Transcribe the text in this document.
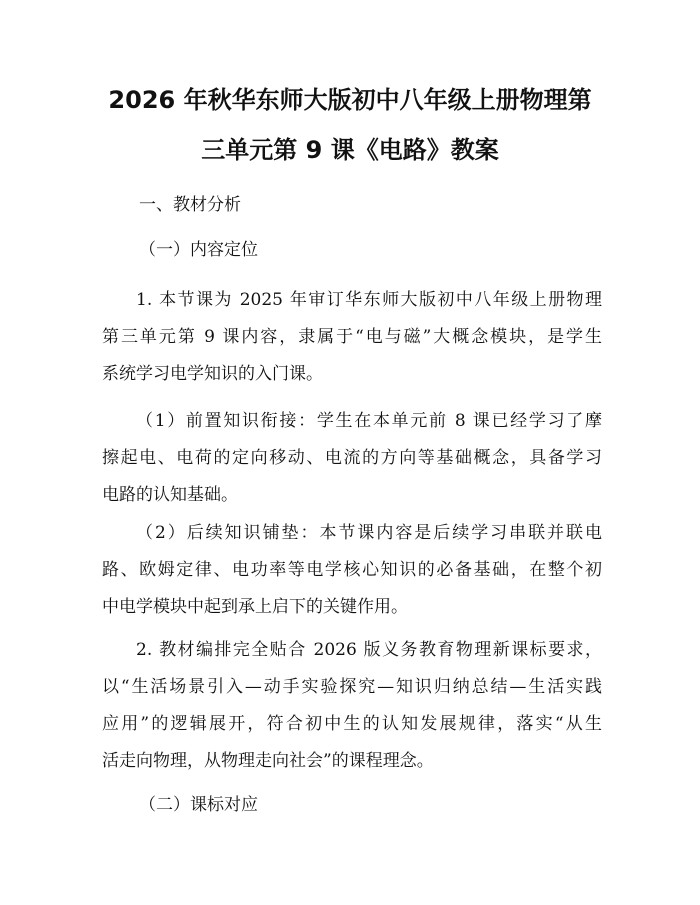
2026 年秋华东师大版初中八年级上册物理第
三单元第 9 课《电路》教案
一、教材分析
（一）内容定位
1. 本节课为 2025 年审订华东师大版初中八年级上册物理
第三单元第 9 课内容，隶属于“电与磁”大概念模块，是学生
系统学习电学知识的入门课。
（1）前置知识衔接：学生在本单元前 8 课已经学习了摩
擦起电、电荷的定向移动、电流的方向等基础概念，具备学习
电路的认知基础。
（2）后续知识铺垫：本节课内容是后续学习串联并联电
路、欧姆定律、电功率等电学核心知识的必备基础，在整个初
中电学模块中起到承上启下的关键作用。
2. 教材编排完全贴合 2026 版义务教育物理新课标要求，
以“生活场景引入—动手实验探究—知识归纳总结—生活实践
应用”的逻辑展开，符合初中生的认知发展规律，落实“从生
活走向物理，从物理走向社会”的课程理念。
（二）课标对应
